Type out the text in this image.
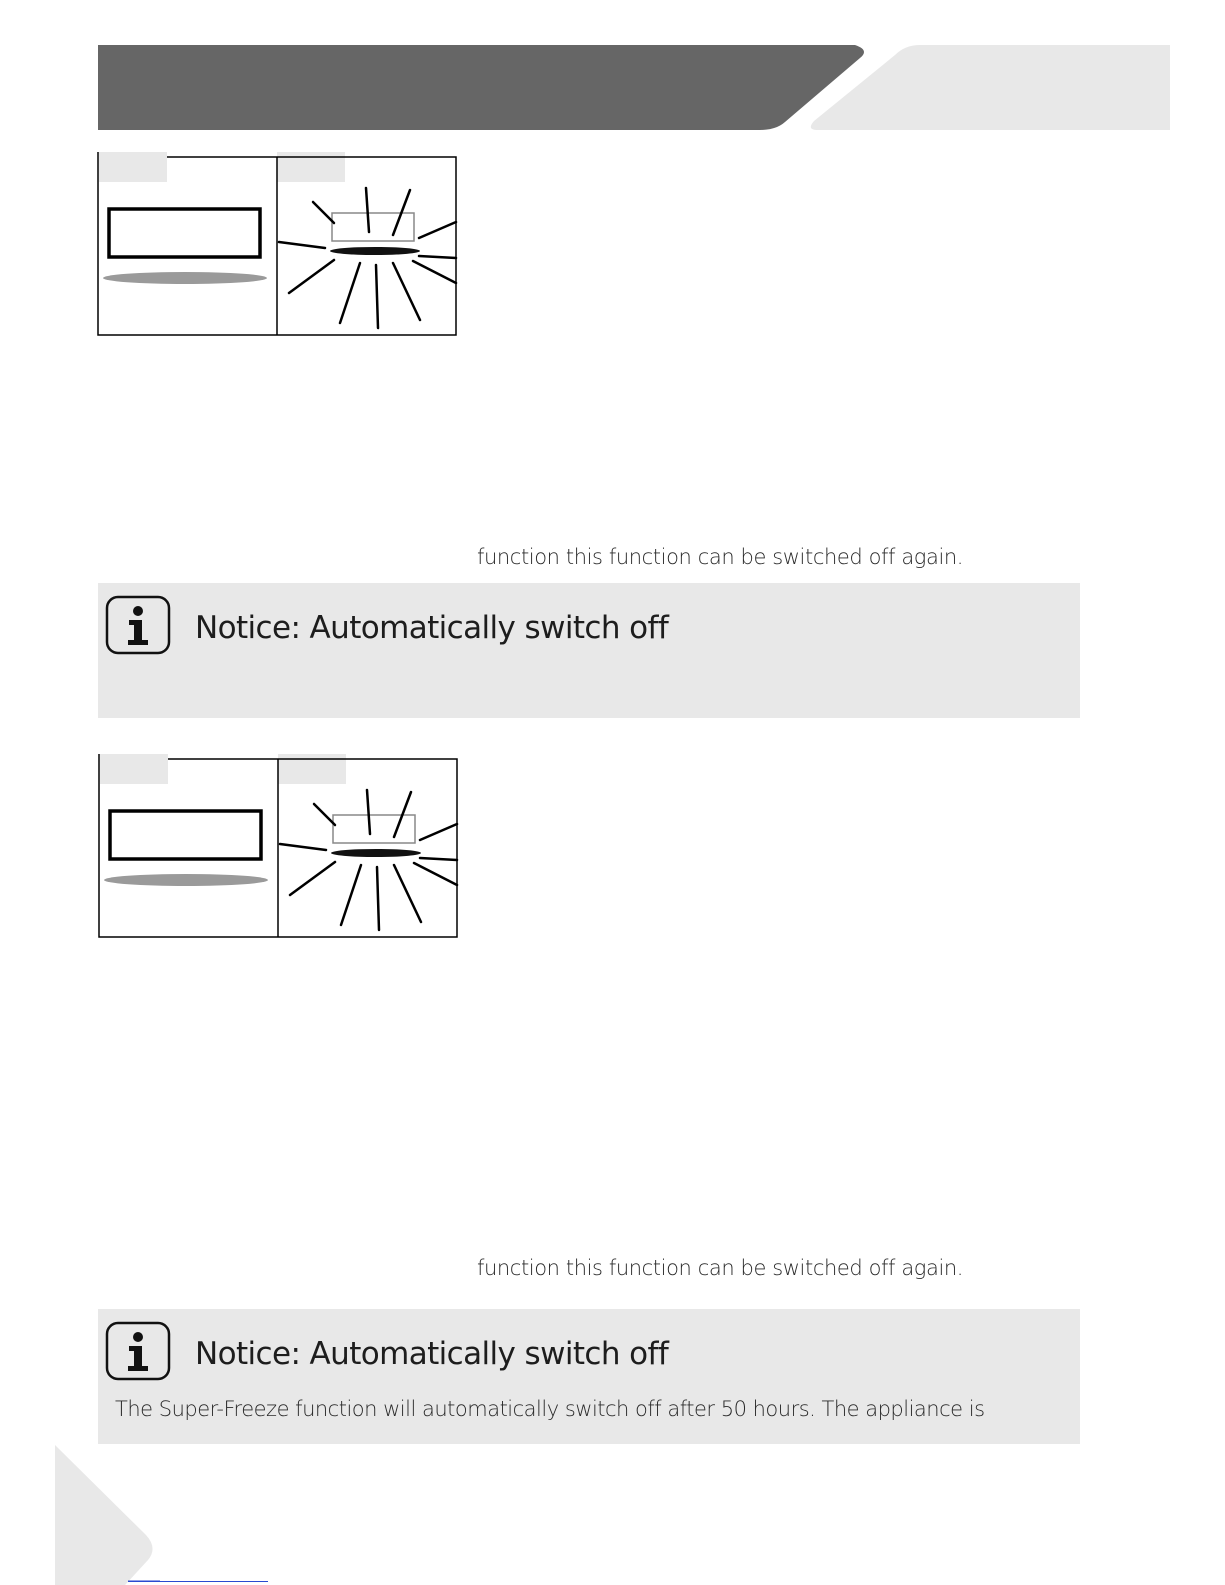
function this function can be switched off again.
Notice: Automatically switch off
function this function can be switched off again.
Notice: Automatically switch off
The Super-Freeze function will automatically switch off after 50 hours. The appliance is
